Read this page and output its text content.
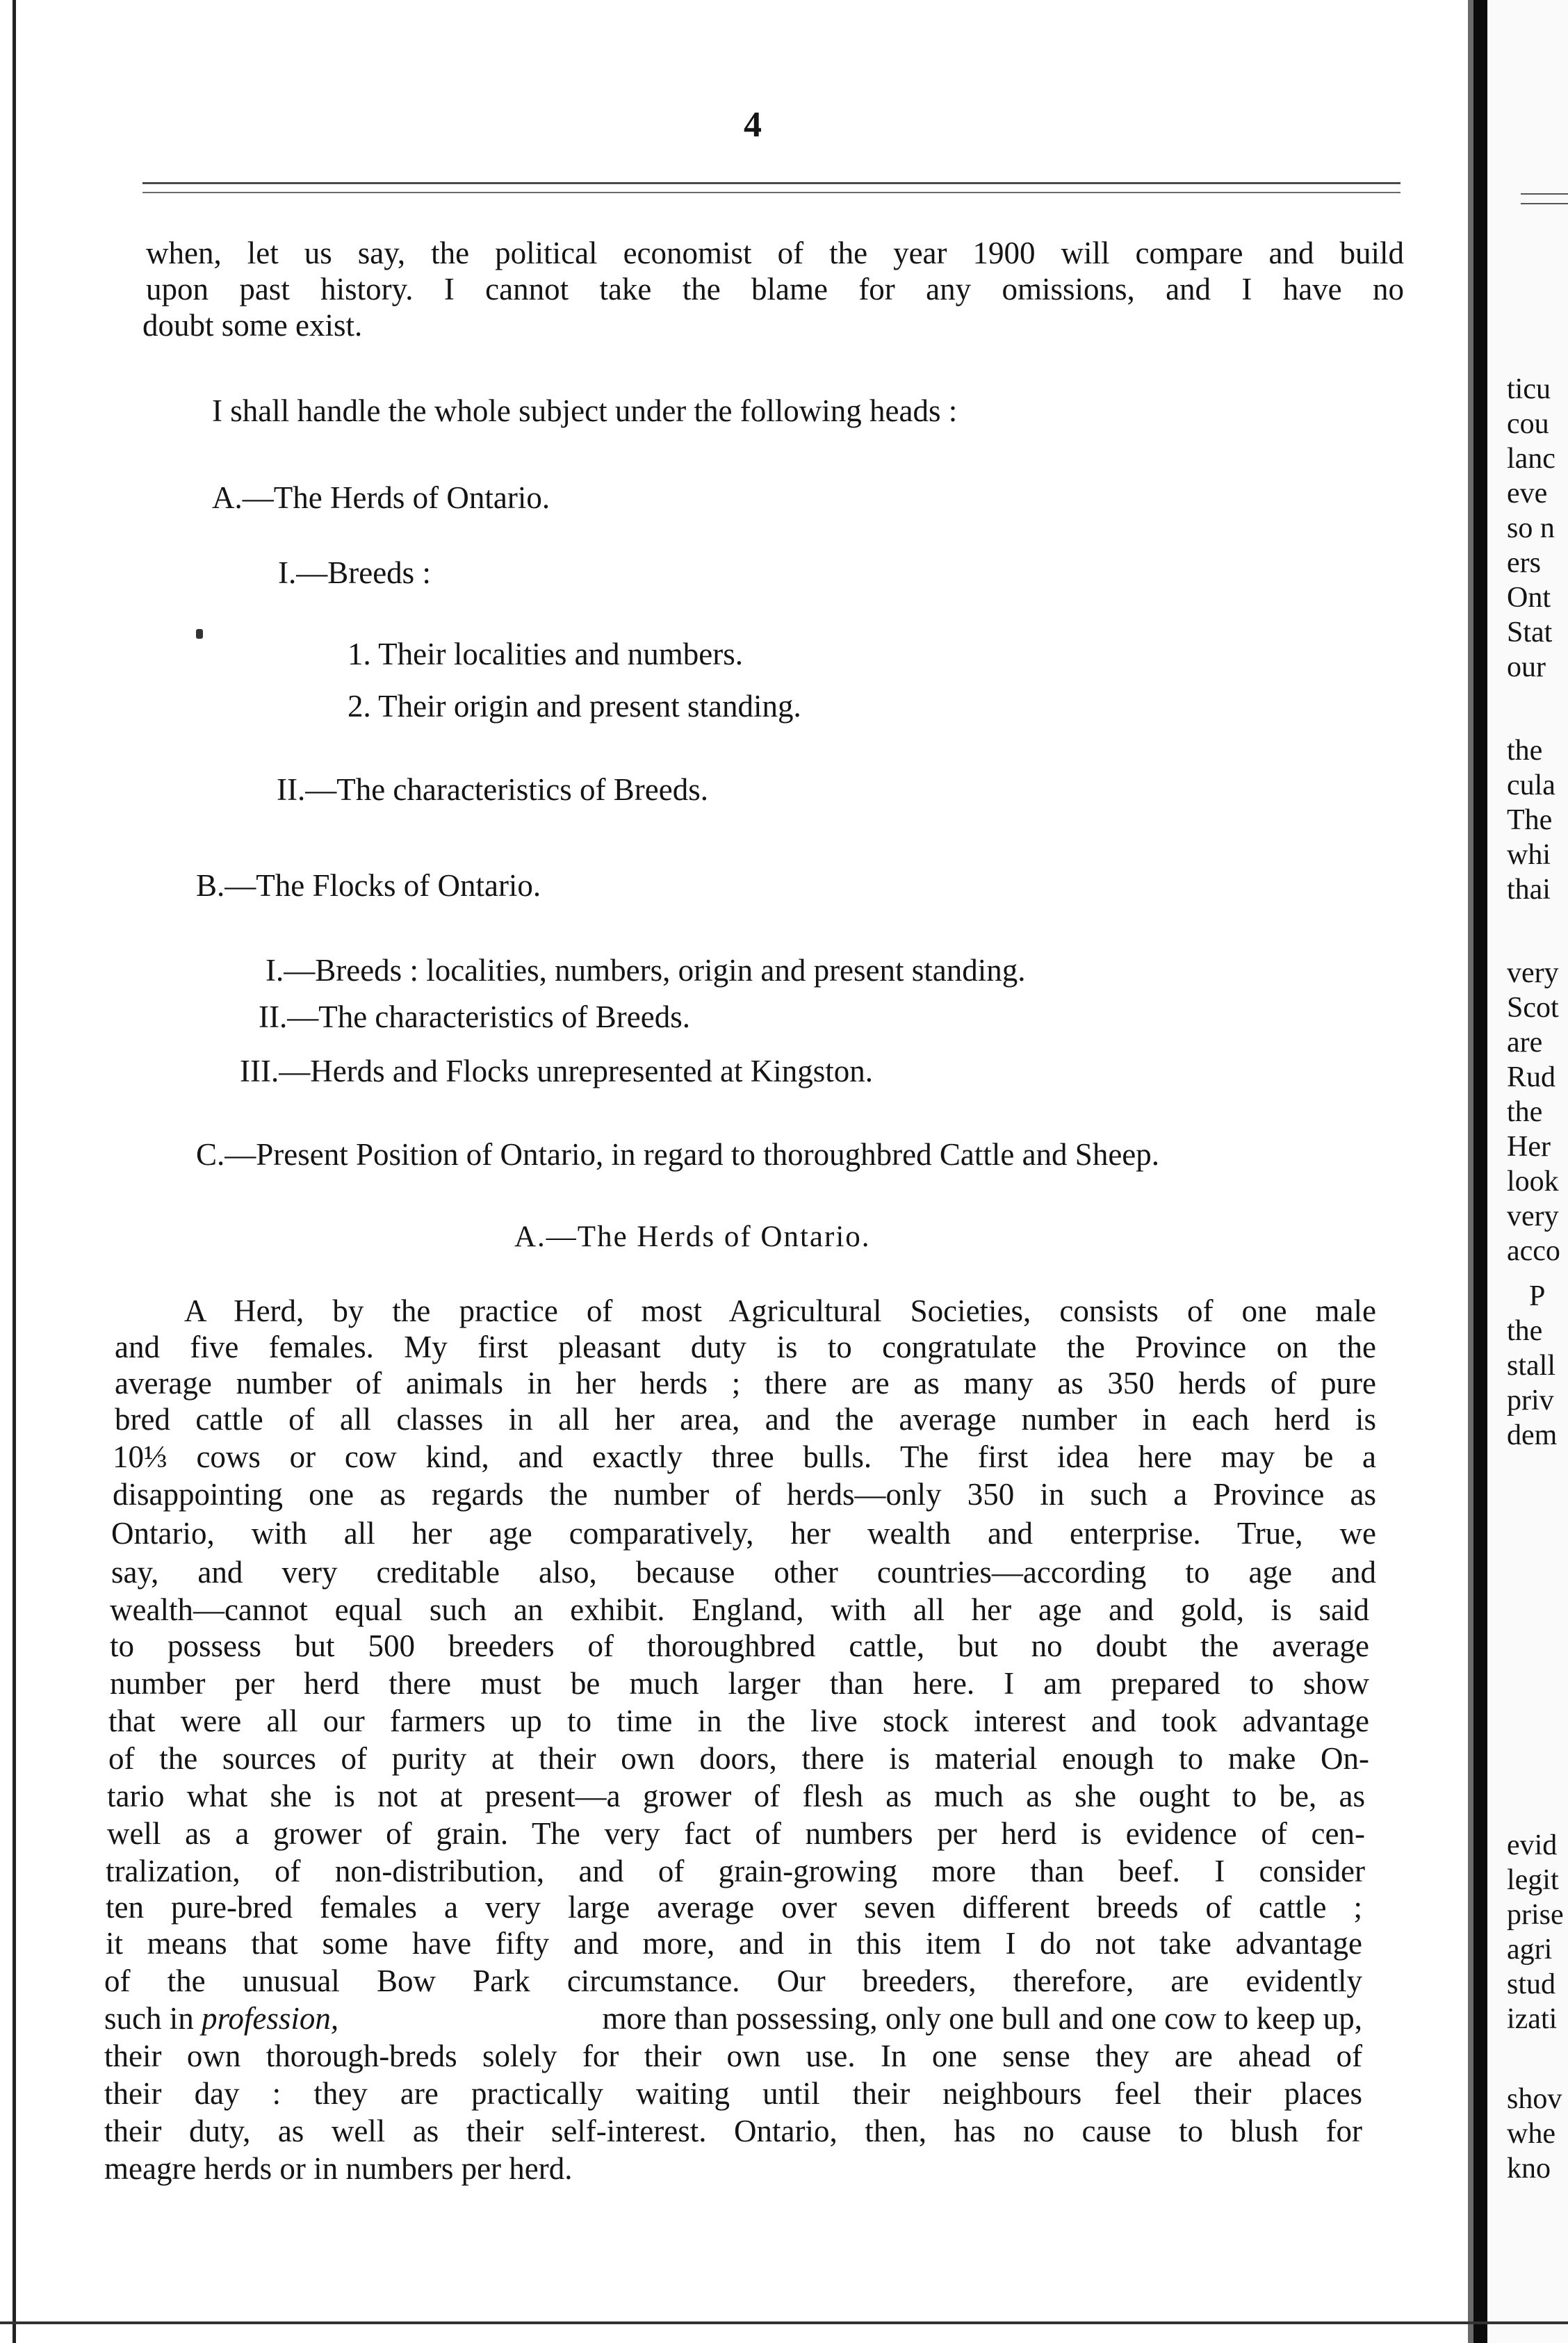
4
when, let us say, the political economist of the year 1900 will compare and build
upon past history. I cannot take the blame for any omissions, and I have no
doubt some exist.
I shall handle the whole subject under the following heads :
A.—The Herds of Ontario.
I.—Breeds :
1. Their localities and numbers.
2. Their origin and present standing.
II.—The characteristics of Breeds.
B.—The Flocks of Ontario.
I.—Breeds : localities, numbers, origin and present standing.
II.—The characteristics of Breeds.
III.—Herds and Flocks unrepresented at Kingston.
C.—Present Position of Ontario, in regard to thoroughbred Cattle and Sheep.
A.—The Herds of Ontario.
A Herd, by the practice of most Agricultural Societies, consists of one male
and five females. My first pleasant duty is to congratulate the Province on the
average number of animals in her herds ; there are as many as 350 herds of pure
bred cattle of all classes in all her area, and the average number in each herd is
10⅓ cows or cow kind, and exactly three bulls. The first idea here may be a
disappointing one as regards the number of herds—only 350 in such a Province as
Ontario, with all her age comparatively, her wealth and enterprise. True, we
say, and very creditable also, because other countries—according to age and
wealth—cannot equal such an exhibit. England, with all her age and gold, is said
to possess but 500 breeders of thoroughbred cattle, but no doubt the average
number per herd there must be much larger than here. I am prepared to show
that were all our farmers up to time in the live stock interest and took advantage
of the sources of purity at their own doors, there is material enough to make On-
tario what she is not at present—a grower of flesh as much as she ought to be, as
well as a grower of grain. The very fact of numbers per herd is evidence of cen-
tralization, of non-distribution, and of grain-growing more than beef. I consider
ten pure-bred females a very large average over seven different breeds of cattle ;
it means that some have fifty and more, and in this item I do not take advantage
of the unusual Bow Park circumstance. Our breeders, therefore, are evidently
such in profession,	more than possessing, only one bull and one cow to keep up,
their own thorough-breds solely for their own use. In one sense they are ahead of
their day : they are practically waiting until their neighbours feel their places
their duty, as well as their self-interest. Ontario, then, has no cause to blush for
meagre herds or in numbers per herd.
ticu
cou
lanc
eve
so n
ers
Ont
Stat
our
the
cula
The
whi
thai
very
Scot
are
Rud
the
Her
look
very
acco
P
the
stall
priv
dem
evid
legit
prise
agri
stud
izati
shov
whe
kno
